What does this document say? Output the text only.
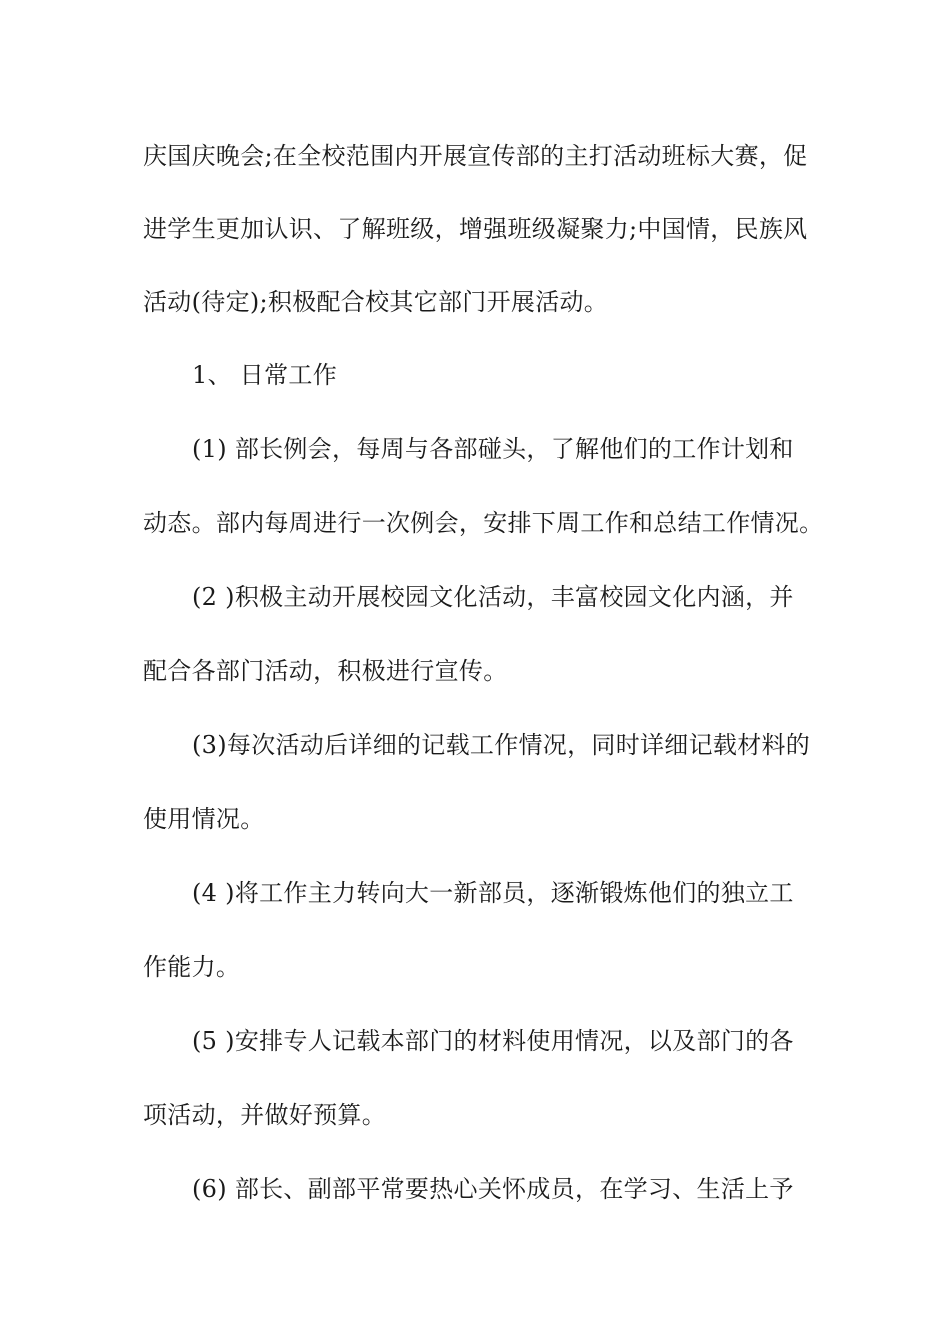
庆国庆晚会;在全校范围内开展宣传部的主打活动班标大赛，促
进学生更加认识、了解班级，增强班级凝聚力;中国情，民族风
活动(待定);积极配合校其它部门开展活动。
1、 日常工作
(1) 部长例会，每周与各部碰头，了解他们的工作计划和
动态。部内每周进行一次例会，安排下周工作和总结工作情况。
(2 )积极主动开展校园文化活动，丰富校园文化内涵，并
配合各部门活动，积极进行宣传。
(3)每次活动后详细的记载工作情况，同时详细记载材料的
使用情况。
(4 )将工作主力转向大一新部员，逐渐锻炼他们的独立工
作能力。
(5 )安排专人记载本部门的材料使用情况，以及部门的各
项活动，并做好预算。
(6) 部长、副部平常要热心关怀成员，在学习、生活上予
